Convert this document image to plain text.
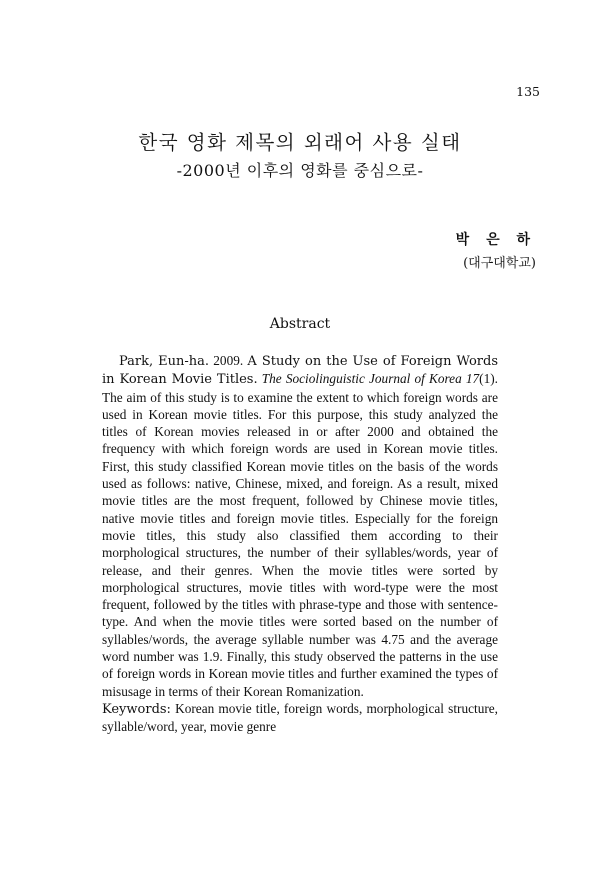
135
한국 영화 제목의 외래어 사용 실태
-2000년 이후의 영화를 중심으로-
박 은 하
(대구대학교)
Abstract

Park, Eun-ha. 2009. A Study on the Use of Foreign Words in Korean Movie Titles. The Sociolinguistic Journal of Korea 17(1). The aim of this study is to examine the extent to which foreign words are used in Korean movie titles. For this purpose, this study analyzed the titles of Korean movies released in or after 2000 and obtained the frequency with which foreign words are used in Korean movie titles. First, this study classified Korean movie titles on the basis of the words used as follows: native, Chinese, mixed, and foreign. As a result, mixed movie titles are the most frequent, followed by Chinese movie titles, native movie titles and foreign movie titles. Especially for the foreign movie titles, this study also classified them according to their morphological structures, the number of their syllables/words, year of release, and their genres. When the movie titles were sorted by morphological structures, movie titles with word-type were the most frequent, followed by the titles with phrase-type and those with sentence-type. And when the movie titles were sorted based on the number of syllables/words, the average syllable number was 4.75 and the average word number was 1.9. Finally, this study observed the patterns in the use of foreign words in Korean movie titles and further examined the types of misusage in terms of their Korean Romanization.
Keywords: Korean movie title, foreign words, morphological structure, syllable/word, year, movie genre
